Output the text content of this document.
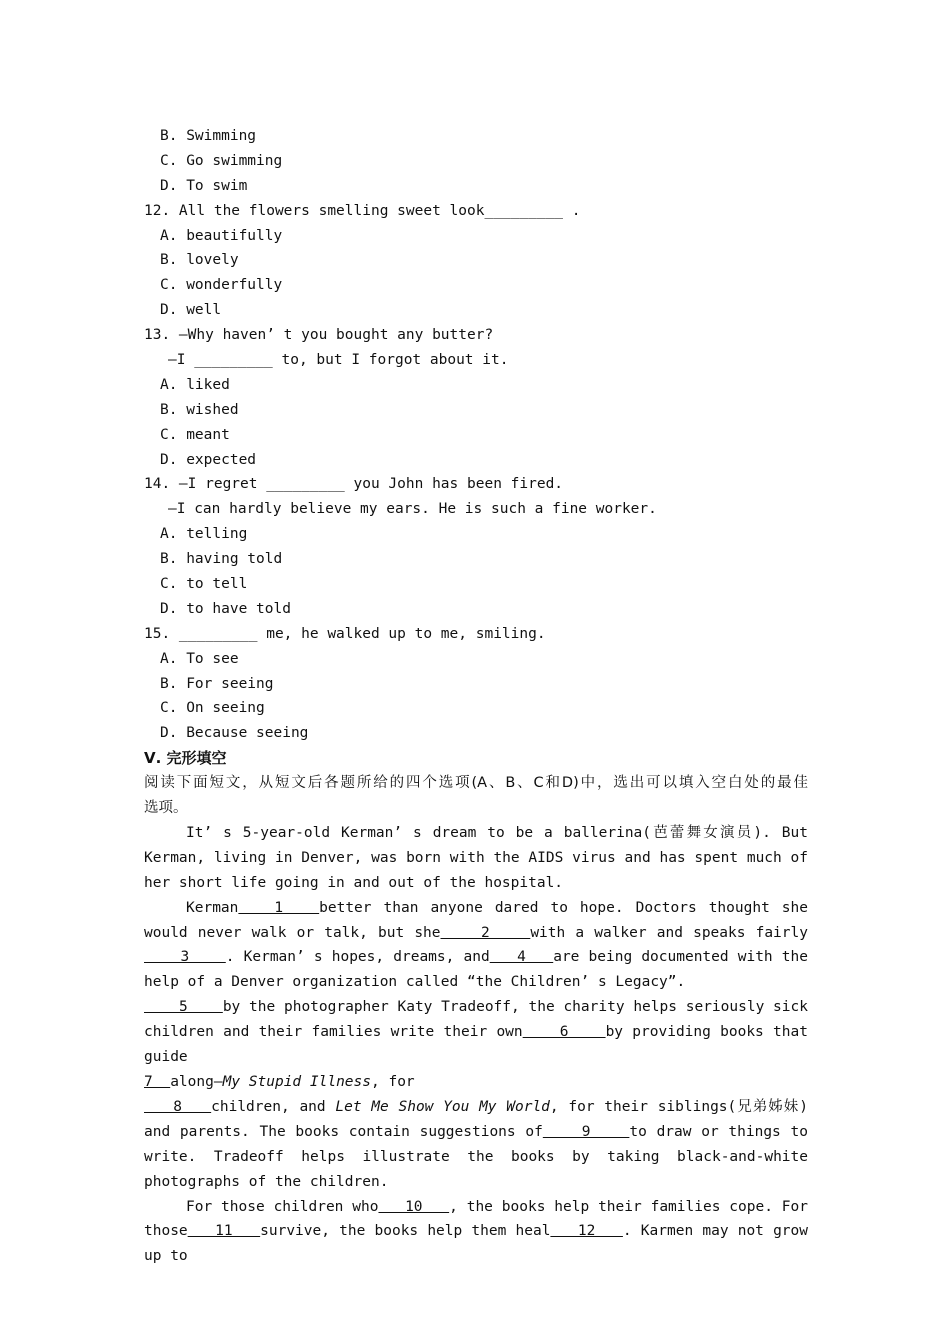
B. Swimming
C. Go swimming
D. To swim
12. All the flowers smelling sweet look_________ .
A. beautifully
B. lovely
C. wonderfully
D. well
13. —Why haven’ t you bought any butter?
—I _________ to, but I forgot about it.
A. liked
B. wished
C. meant
D. expected
14. —I regret _________ you John has been fired.
—I can hardly believe my ears. He is such a fine worker.
A. telling
B. having told
C. to tell
D. to have told
15. _________ me, he walked up to me, smiling.
A. To see
B. For seeing
C. On seeing
D. Because seeing
Ⅴ. 完形填空
阅读下面短文，从短文后各题所给的四个选项(A、B、C和D)中，选出可以填入空白处的最佳
选项。
It’ s 5-year-old Kerman’ s dream to be a ballerina(芭蕾舞女演员). But Kerman, living in Denver, was born with the AIDS virus and has spent much of her short life going in and out of the hospital.
Kerman   1   better than anyone dared to hope. Doctors thought she would never walk or talk, but she    2    with a walker and speaks fairly    3    . Kerman’ s hopes, dreams, and   4   are being documented with the help of a Denver organization called “the Children’ s Legacy”.
5    by the photographer Katy Tradeoff, the charity helps seriously sick children and their families write their own    6    by providing books that guide
7  along—My Stupid Illness, for
8   children, and Let Me Show You My World, for their siblings(兄弟姊妹) and parents. The books contain suggestions of    9    to draw or things to write. Tradeoff helps illustrate the books by taking black-and-white photographs of the children.
For those children who   10   , the books help their families cope. For those   11   survive, the books help them heal   12   . Karmen may not grow up to
